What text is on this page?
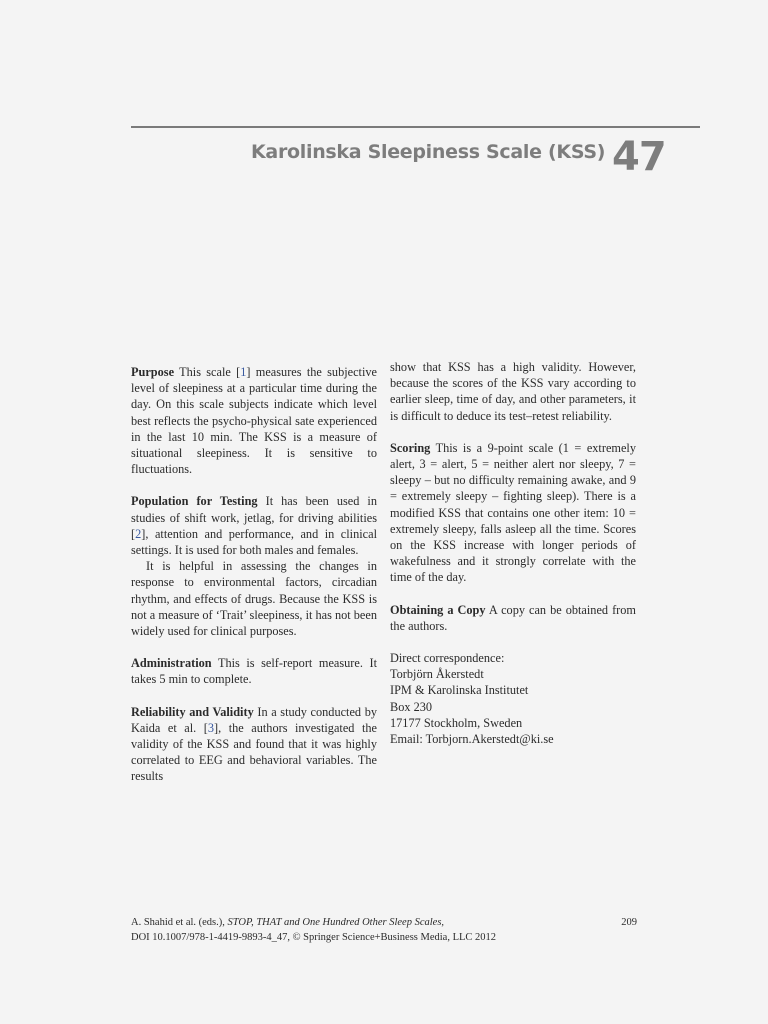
Karolinska Sleepiness Scale (KSS) 47

Purpose This scale [1] measures the subjective level of sleepiness at a particular time during the day. On this scale subjects indicate which level best reflects the psycho-physical sate experienced in the last 10 min. The KSS is a measure of situational sleepiness. It is sensitive to fluctuations.

Population for Testing It has been used in studies of shift work, jetlag, for driving abilities [2], attention and performance, and in clinical settings. It is used for both males and females.

It is helpful in assessing the changes in response to environmental factors, circadian rhythm, and effects of drugs. Because the KSS is not a measure of ‘Trait’ sleepiness, it has not been widely used for clinical purposes.

Administration This is self-report measure. It takes 5 min to complete.

Reliability and Validity In a study conducted by Kaida et al. [3], the authors investigated the validity of the KSS and found that it was highly correlated to EEG and behavioral variables. The results

show that KSS has a high validity. However, because the scores of the KSS vary according to earlier sleep, time of day, and other parameters, it is difficult to deduce its test–retest reliability.

Scoring This is a 9-point scale (1 = extremely alert, 3 = alert, 5 = neither alert nor sleepy, 7 = sleepy – but no difficulty remaining awake, and 9 = extremely sleepy – fighting sleep). There is a modified KSS that contains one other item: 10 = extremely sleepy, falls asleep all the time. Scores on the KSS increase with longer periods of wakefulness and it strongly correlate with the time of the day.

Obtaining a Copy A copy can be obtained from the authors.

Direct correspondence:
Torbjörn Åkerstedt
IPM & Karolinska Institutet
Box 230
17177 Stockholm, Sweden
Email: Torbjorn.Akerstedt@ki.se
A. Shahid et al. (eds.), STOP, THAT and One Hundred Other Sleep Scales,
DOI 10.1007/978-1-4419-9893-4_47, © Springer Science+Business Media, LLC 2012
209
